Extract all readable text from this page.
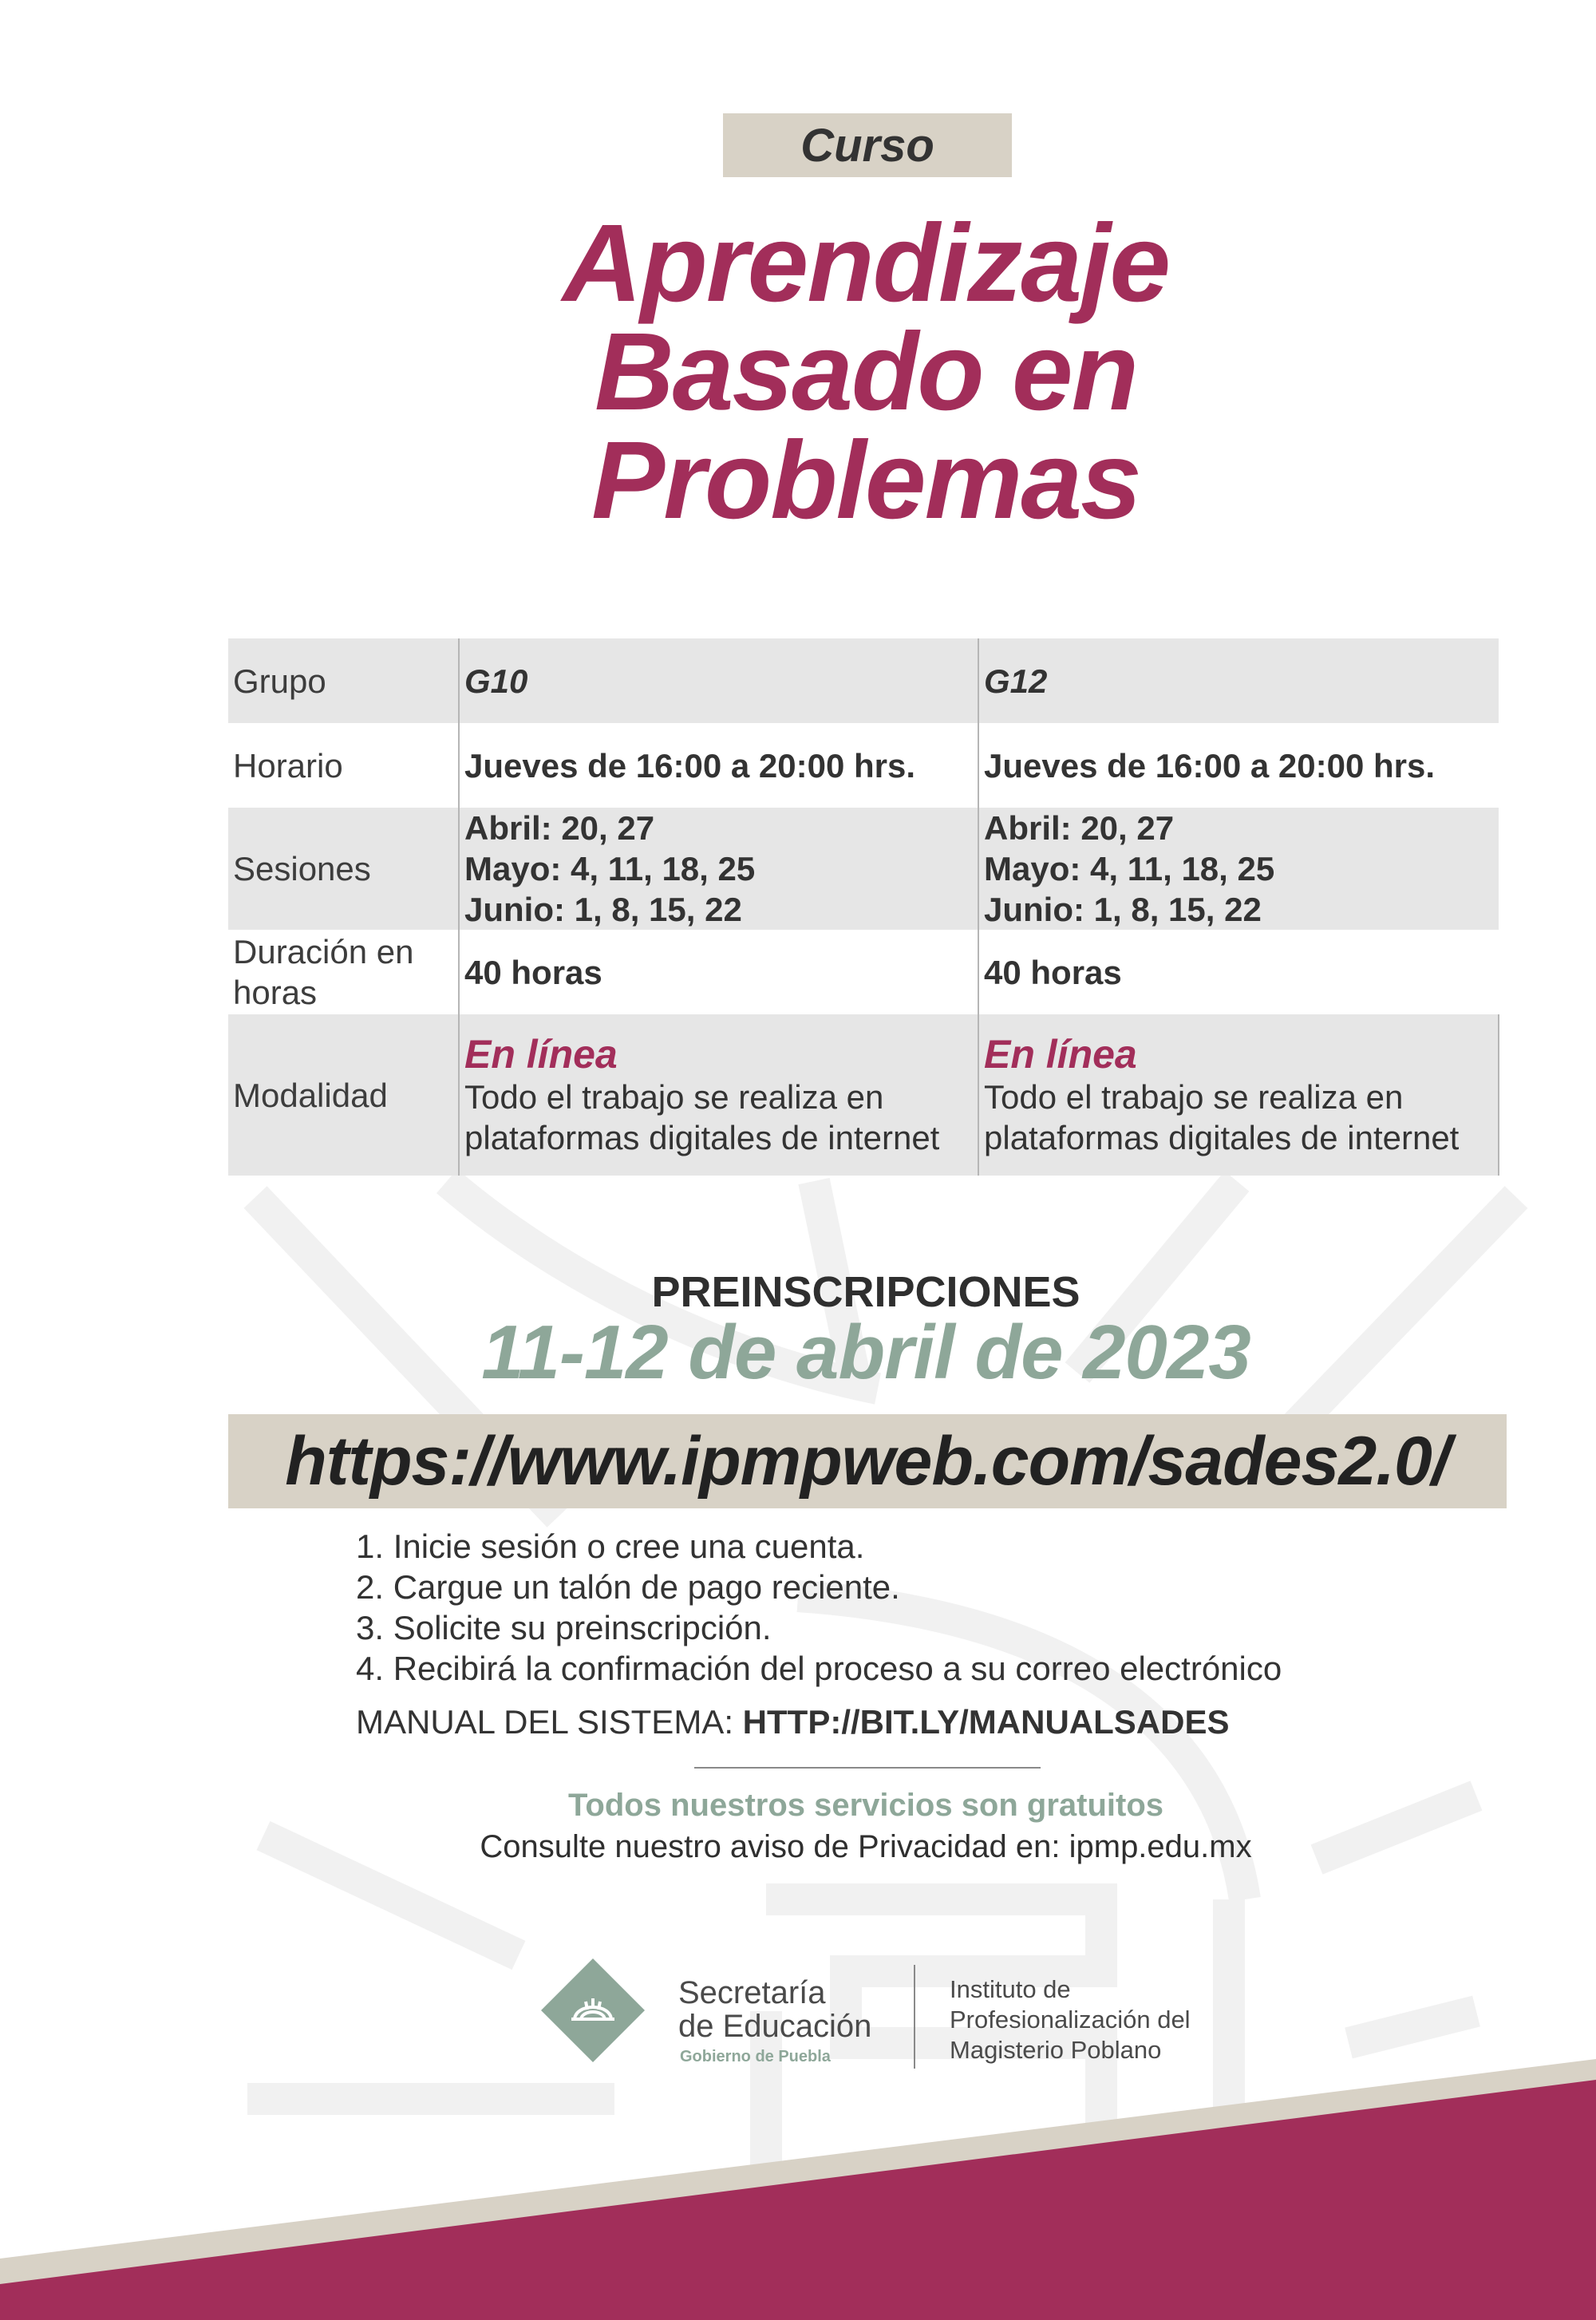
Curso
Aprendizaje
Basado en
Problemas
Grupo	G10	G12
Horario	Jueves de 16:00 a 20:00 hrs.	Jueves de 16:00 a 20:00 hrs.
Sesiones	Abril: 20, 27
Mayo: 4, 11, 18, 25
Junio: 1, 8, 15, 22	Abril: 20, 27
Mayo: 4, 11, 18, 25
Junio: 1, 8, 15, 22

Duración en
horas	40 horas	40 horas
Modalidad	En línea
Todo el trabajo se realiza en
plataformas digitales de internet	En línea
Todo el trabajo se realiza en
plataformas digitales de internet
PREINSCRIPCIONES
11-12 de abril de 2023
https://www.ipmpweb.com/sades2.0/
1. Inicie sesión o cree una cuenta.
2. Cargue un talón de pago reciente.
3. Solicite su preinscripción.
4. Recibirá la confirmación del proceso a su correo electrónico
MANUAL DEL SISTEMA: HTTP://BIT.LY/MANUALSADES
Todos nuestros servicios son gratuitos
Consulte nuestro aviso de Privacidad en: ipmp.edu.mx
Secretaría
de Educación
Gobierno de Puebla
Instituto de
Profesionalización del
Magisterio Poblano
